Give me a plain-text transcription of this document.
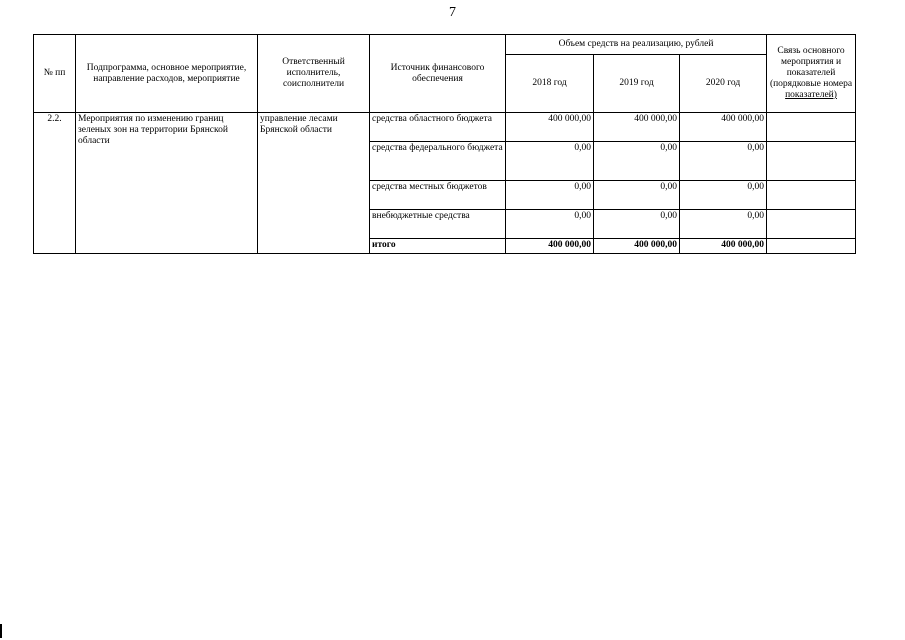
7
№ пп	Подпрограмма, основное мероприятие, направление расходов, мероприятие	Ответственный исполнитель, соисполнители	Источник финансового обеспечения	Объем средств на реализацию, рублей			Связь основного мероприятия и показателей (порядковые номера
показателей)
				2018 год	2019 год	2020 год	
2.2.	Мероприятия по изменению границ зеленых зон на территории Брянской области	управление лесами Брянской области	средства областного бюджета	400 000,00	400 000,00	400 000,00	
			средства федерального бюджета	0,00	0,00	0,00	
			средства местных бюджетов	0,00	0,00	0,00	
			внебюджетные средства	0,00	0,00	0,00	
			итого	400 000,00	400 000,00	400 000,00	
